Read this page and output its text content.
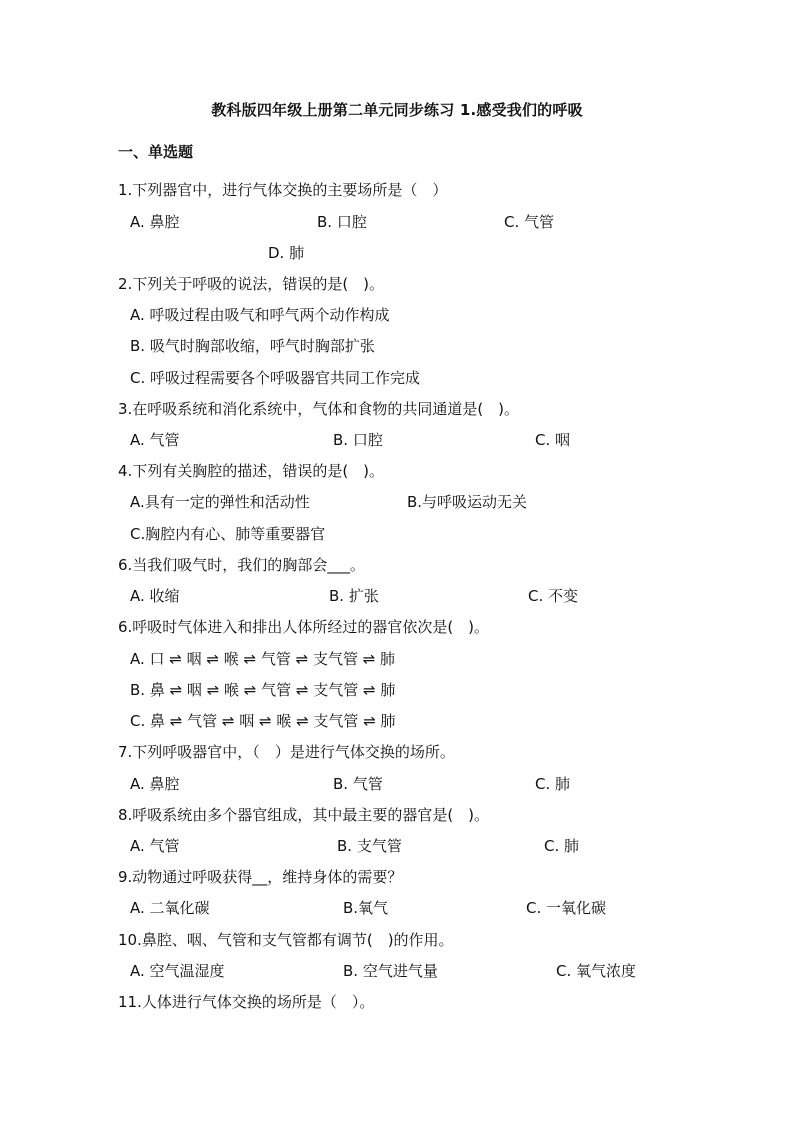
教科版四年级上册第二单元同步练习 1.感受我们的呼吸
一、单选题
1.下列器官中，进行气体交换的主要场所是（　）
A. 鼻腔	B. 口腔	C. 气管
D. 肺
2.下列关于呼吸的说法，错误的是(　)。
A. 呼吸过程由吸气和呼气两个动作构成
B. 吸气时胸部收缩，呼气时胸部扩张
C. 呼吸过程需要各个呼吸器官共同工作完成
3.在呼吸系统和消化系统中，气体和食物的共同通道是(　)。
A. 气管	B. 口腔	C. 咽
4.下列有关胸腔的描述，错误的是(　)。
A.具有一定的弹性和活动性	B.与呼吸运动无关
C.胸腔内有心、肺等重要器官
6.当我们吸气时，我们的胸部会___。
A. 收缩	B. 扩张	C. 不变
6.呼吸时气体进入和排出人体所经过的器官依次是(　)。
A. 口 ⇌ 咽 ⇌ 喉 ⇌ 气管 ⇌ 支气管 ⇌ 肺
B. 鼻 ⇌ 咽 ⇌ 喉 ⇌ 气管 ⇌ 支气管 ⇌ 肺
C. 鼻 ⇌ 气管 ⇌ 咽 ⇌ 喉 ⇌ 支气管 ⇌ 肺
7.下列呼吸器官中，（　）是进行气体交换的场所。
A. 鼻腔	B. 气管	C. 肺
8.呼吸系统由多个器官组成，其中最主要的器官是(　)。
A. 气管	B. 支气管	C. 肺
9.动物通过呼吸获得__，维持身体的需要？
A. 二氧化碳	B.氧气	C. 一氧化碳
10.鼻腔、咽、气管和支气管都有调节(　)的作用。
A. 空气温湿度	B. 空气进气量	C. 氧气浓度
11.人体进行气体交换的场所是（　）。
